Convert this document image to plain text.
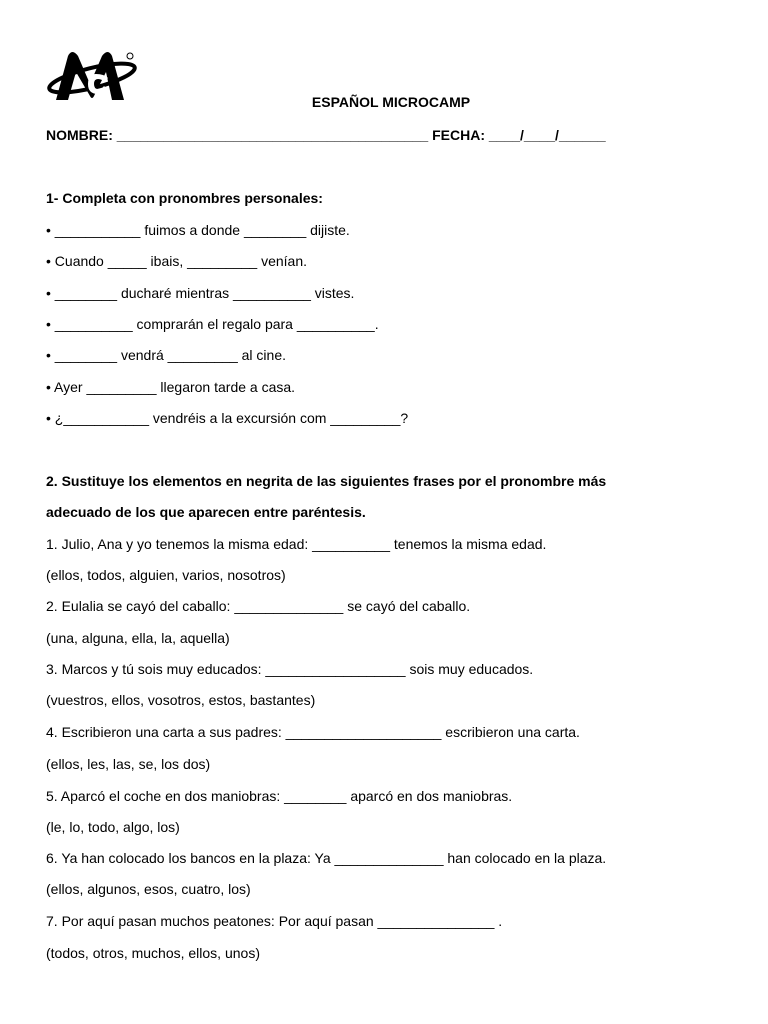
ESPAÑOL MICROCAMP
NOMBRE: ________________________________________ FECHA: ____/____/______
1- Completa con pronombres personales:
• ___________ fuimos a donde ________ dijiste.
• Cuando _____ ibais, _________ venían.
• ________ ducharé mientras __________ vistes.
• __________ comprarán el regalo para __________.
• ________ vendrá _________ al cine.
• Ayer _________ llegaron tarde a casa.
• ¿___________ vendréis a la excursión com _________?
2. Sustituye los elementos en negrita de las siguientes frases por el pronombre más
adecuado de los que aparecen entre paréntesis.
1. Julio, Ana y yo tenemos la misma edad: __________ tenemos la misma edad.
(ellos, todos, alguien, varios, nosotros)
2. Eulalia se cayó del caballo: ______________ se cayó del caballo.
(una, alguna, ella, la, aquella)
3. Marcos y tú sois muy educados: __________________ sois muy educados.
(vuestros, ellos, vosotros, estos, bastantes)
4. Escribieron una carta a sus padres: ____________________ escribieron una carta.
(ellos, les, las, se, los dos)
5. Aparcó el coche en dos maniobras: ________ aparcó en dos maniobras.
(le, lo, todo, algo, los)
6. Ya han colocado los bancos en la plaza: Ya ______________ han colocado en la plaza.
(ellos, algunos, esos, cuatro, los)
7. Por aquí pasan muchos peatones: Por aquí pasan _______________ .
(todos, otros, muchos, ellos, unos)
